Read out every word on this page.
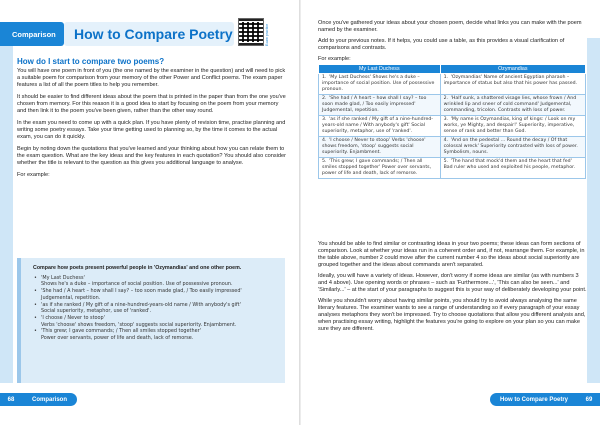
Comparison	How to Compare Poetry	Exam practice
How do I start to compare two poems?

You will have one poem in front of you (the one named by the examiner in the question) and will need to pick a suitable poem for comparison from your memory of the other Power and Conflict poems. The exam paper features a list of all the poem titles to help you remember.

It should be easier to find different ideas about the poem that is printed in the paper than from the one you've chosen from memory. For this reason it is a good idea to start by focusing on the poem from your memory and then link it to the poem you've been given, rather than the other way round.

In the exam you need to come up with a quick plan. If you have plenty of revision time, practise planning and writing some poetry essays. Take your time getting used to planning so, by the time it comes to the actual exam, you can do it quickly.

Begin by noting down the quotations that you've learned and your thinking about how you can relate them to the exam question. What are the key ideas and the key features in each quotation? You should also consider whether the title is relevant to the question as this gives you additional language to analyse.

For example:

Compare how poets present powerful people in 'Ozymandias' and one other poem.
• 'My Last Duchess'
Shows he's a duke – importance of social position. Use of possessive pronoun.
• 'She had / A heart – how shall I say? – too soon made glad, / Too easily impressed'
Judgemental, repetition.
• 'as if she ranked / My gift of a nine-hundred-years-old name / With anybody's gift'
Social superiority, metaphor, use of 'ranked'.
• 'I choose / Never to stoop'
Verbs 'choose' shows freedom, 'stoop' suggests social superiority. Enjambment.
• 'This grew; I gave commands; / Then all smiles stopped together'
Power over servants, power of life and death, lack of remorse.
68	Comparison

Once you've gathered your ideas about your chosen poem, decide what links you can make with the poem named by the examiner.

Add to your previous notes. If it helps, you could use a table, as this provides a visual clarification of comparisons and contrasts.

For example:

My Last Duchess	Ozymandias
1. 'My Last Duchess' Shows he's a duke – importance of social position. Use of possessive pronoun.	1. 'Ozymandias' Name of ancient Egyptian pharaoh – importance of status but also that his power has passed.
2. 'She had / A heart – how shall I say? – too soon made glad, / Too easily impressed' Judgemental, repetition.	2. 'Half sunk, a shattered visage lies, whose frown / And wrinkled lip and sneer of cold command' Judgemental, commanding, tricolon. Contrasts with loss of power.
3. 'as if she ranked / My gift of a nine-hundred-years-old name / With anybody's gift' Social superiority, metaphor, use of 'ranked'.	3. 'My name is Ozymandias, king of kings: / Look on my works, ye Mighty, and despair!' Superiority, imperative, sense of rank and better than God.
4. 'I choose / Never to stoop' Verbs 'choose' shows freedom, 'stoop' suggests social superiority. Enjambment.	4. 'And on the pedestal ... Round the decay / Of that colossal wreck' Superiority contrasted with loss of power. Symbolism, nouns.
5. 'This grew; I gave commands; / Then all smiles stopped together' Power over servants, power of life and death, lack of remorse.	5. 'The hand that mock'd them and the heart that fed' Bad ruler who used and exploited his people, metaphor.

You should be able to find similar or contrasting ideas in your two poems; these ideas can form sections of comparison. Look at whether your ideas run in a coherent order and, if not, rearrange them. For example, in the table above, number 2 could move after the current number 4 so the ideas about social superiority are grouped together and the ideas about commands aren't separated.

Ideally, you will have a variety of ideas. However, don't worry if some ideas are similar (as with numbers 3 and 4 above). Use opening words or phrases – such as 'Furthermore...', 'This can also be seen...' and 'Similarly...' – at the start of your paragraphs to suggest this is your way of deliberately developing your point.

While you shouldn't worry about having similar points, you should try to avoid always analysing the same literary features. The examiner wants to see a range of understanding so if every paragraph of your essay analyses metaphors they won't be impressed. Try to choose quotations that allow you different analysis and, when practising essay writing, highlight the features you're going to explore on your plan so you can make sure they are different.

How to Compare Poetry	69
